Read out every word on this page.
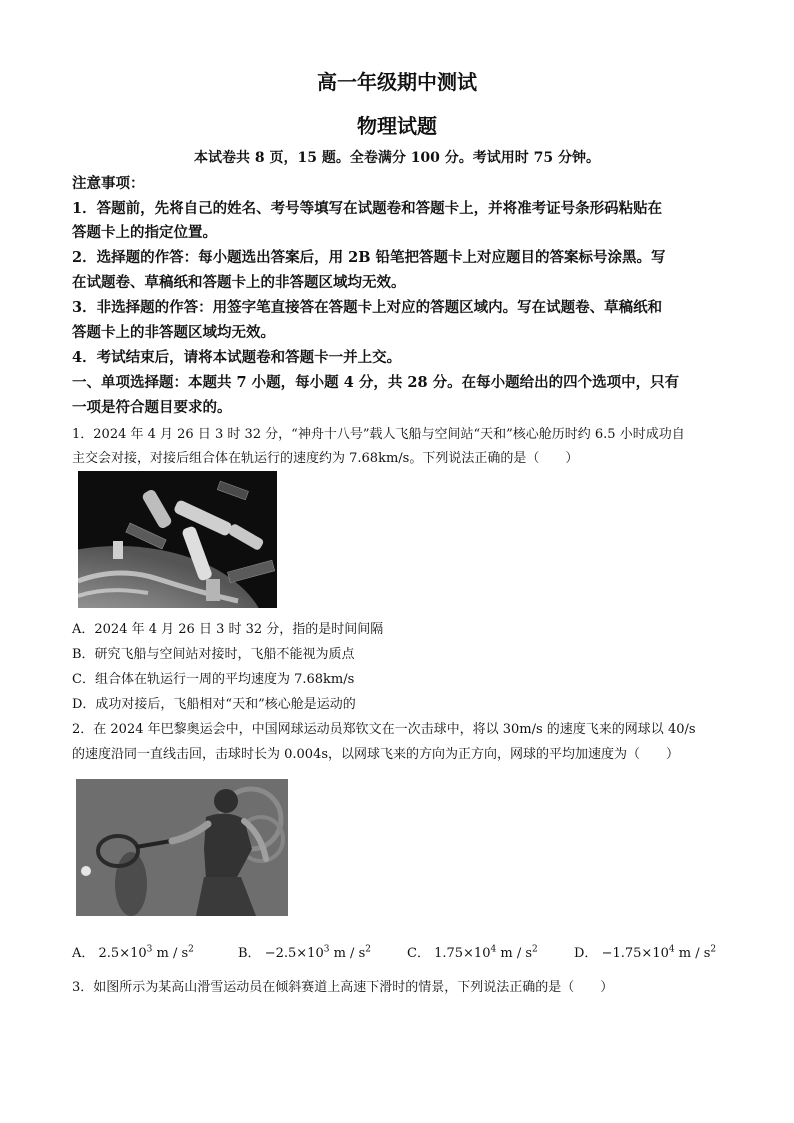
高一年级期中测试
物理试题
本试卷共 8 页，15 题。全卷满分 100 分。考试用时 75 分钟。
注意事项：
1．答题前，先将自己的姓名、考号等填写在试题卷和答题卡上，并将准考证号条形码粘贴在
答题卡上的指定位置。
2．选择题的作答：每小题选出答案后，用 2B 铅笔把答题卡上对应题目的答案标号涂黑。写
在试题卷、草稿纸和答题卡上的非答题区域均无效。
3．非选择题的作答：用签字笔直接答在答题卡上对应的答题区域内。写在试题卷、草稿纸和
答题卡上的非答题区域均无效。
4．考试结束后，请将本试题卷和答题卡一并上交。
一、单项选择题：本题共 7 小题，每小题 4 分，共 28 分。在每小题给出的四个选项中，只有
一项是符合题目要求的。
1．2024 年 4 月 26 日 3 时 32 分，“神舟十八号”载人飞船与空间站“天和”核心舱历时约 6.5 小时成功自
主交会对接，对接后组合体在轨运行的速度约为 7.68km/s。下列说法正确的是（　　）
A．2024 年 4 月 26 日 3 时 32 分，指的是时间间隔
B．研究飞船与空间站对接时，飞船不能视为质点
C．组合体在轨运行一周的平均速度为 7.68km/s
D．成功对接后，飞船相对“天和”核心舱是运动的
2．在 2024 年巴黎奥运会中，中国网球运动员郑钦文在一次击球中，将以 30m/s 的速度飞来的网球以 40/s
的速度沿同一直线击回，击球时长为 0.004s，以网球飞来的方向为正方向，网球的平均加速度为（　　）
A． $2.5\times 10^3$ m / $s^2$	B． $-2.5\times 10^3$ m / $s^2$	C． $1.75\times 10^4$ m / $s^2$	D． $-1.75\times 10^4$ m / $s^2$
3．如图所示为某高山滑雪运动员在倾斜赛道上高速下滑时的情景，下列说法正确的是（　　）
